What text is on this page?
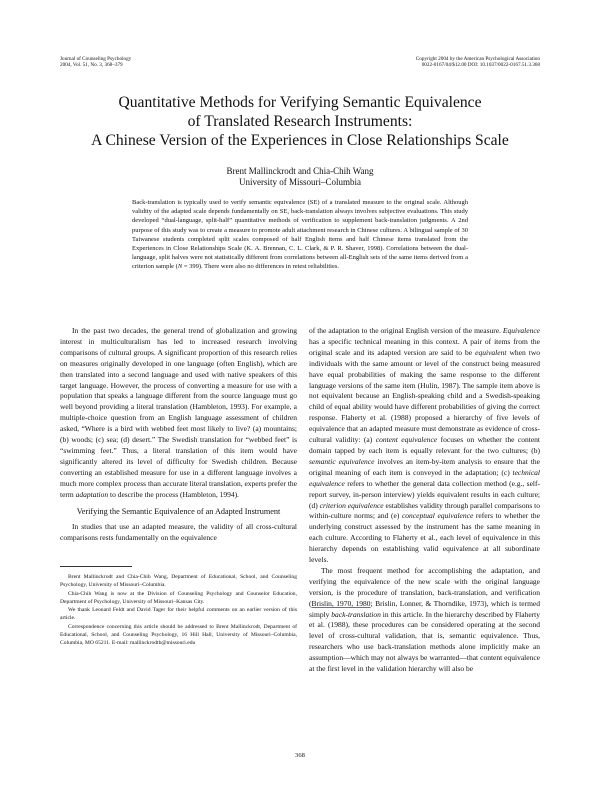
Journal of Counseling Psychology
2004, Vol. 51, No. 3, 368–379
Copyright 2004 by the American Psychological Association
0022-0167/04/$12.00 DOI: 10.1037/0022-0167.51.3.368
Quantitative Methods for Verifying Semantic Equivalence
of Translated Research Instruments:
A Chinese Version of the Experiences in Close Relationships Scale
Brent Mallinckrodt and Chia-Chih Wang
University of Missouri–Columbia
Back-translation is typically used to verify semantic equivalence (SE) of a translated measure to the original scale. Although validity of the adapted scale depends fundamentally on SE, back-translation always involves subjective evaluations. This study developed “dual-language, split-half” quantitative methods of verification to supplement back-translation judgments. A 2nd purpose of this study was to create a measure to promote adult attachment research in Chinese cultures. A bilingual sample of 30 Taiwanese students completed split scales composed of half English items and half Chinese items translated from the Experiences in Close Relationships Scale (K. A. Brennan, C. L. Clark, & P. R. Shaver, 1998). Correlations between the dual-language, split halves were not statistically different from correlations between all-English sets of the same items derived from a criterion sample (N = 399). There were also no differences in retest reliabilities.

In the past two decades, the general trend of globalization and growing interest in multiculturalism has led to increased research involving comparisons of cultural groups. A significant proportion of this research relies on measures originally developed in one language (often English), which are then translated into a second language and used with native speakers of this target language. However, the process of converting a measure for use with a population that speaks a language different from the source language must go well beyond providing a literal translation (Hambleton, 1993). For example, a multiple-choice question from an English language assessment of children asked, “Where is a bird with webbed feet most likely to live? (a) mountains; (b) woods; (c) sea; (d) desert.” The Swedish translation for “webbed feet” is “swimming feet.” Thus, a literal translation of this item would have significantly altered its level of difficulty for Swedish children. Because converting an established measure for use in a different language involves a much more complex process than accurate literal translation, experts prefer the term adaptation to describe the process (Hambleton, 1994).

Verifying the Semantic Equivalence of an Adapted Instrument

In studies that use an adapted measure, the validity of all cross-cultural comparisons rests fundamentally on the equivalence

Brent Mallinckrodt and Chia-Chih Wang, Department of Educational, School, and Counseling Psychology, University of Missouri–Columbia.

Chia-Chih Wang is now at the Division of Counseling Psychology and Counselor Education, Department of Psychology, University of Missouri–Kansas City.

We thank Leonard Feldt and David Tager for their helpful comments on an earlier version of this article.

Correspondence concerning this article should be addressed to Brent Mallinckrodt, Department of Educational, School, and Counseling Psychology, 16 Hill Hall, University of Missouri–Columbia, Columbia, MO 65211. E-mail: mallinckrodtb@missouri.edu

of the adaptation to the original English version of the measure. Equivalence has a specific technical meaning in this context. A pair of items from the original scale and its adapted version are said to be equivalent when two individuals with the same amount or level of the construct being measured have equal probabilities of making the same response to the different language versions of the same item (Hulin, 1987). The sample item above is not equivalent because an English-speaking child and a Swedish-speaking child of equal ability would have different probabilities of giving the correct response. Flaherty et al. (1988) proposed a hierarchy of five levels of equivalence that an adapted measure must demonstrate as evidence of cross-cultural validity: (a) content equivalence focuses on whether the content domain tapped by each item is equally relevant for the two cultures; (b) semantic equivalence involves an item-by-item analysis to ensure that the original meaning of each item is conveyed in the adaptation; (c) technical equivalence refers to whether the general data collection method (e.g., self-report survey, in-person interview) yields equivalent results in each culture; (d) criterion equivalence establishes validity through parallel comparisons to within-culture norms; and (e) conceptual equivalence refers to whether the underlying construct assessed by the instrument has the same meaning in each culture. According to Flaherty et al., each level of equivalence in this hierarchy depends on establishing valid equivalence at all subordinate levels.

The most frequent method for accomplishing the adaptation, and verifying the equivalence of the new scale with the original language version, is the procedure of translation, back-translation, and verification (Brislin, 1970, 1980; Brislin, Lonner, & Thorndike, 1973), which is termed simply back-translation in this article. In the hierarchy described by Flaherty et al. (1988), these procedures can be considered operating at the second level of cross-cultural validation, that is, semantic equivalence. Thus, researchers who use back-translation methods alone implicitly make an assumption—which may not always be warranted—that content equivalence at the first level in the validation hierarchy will also be

368
